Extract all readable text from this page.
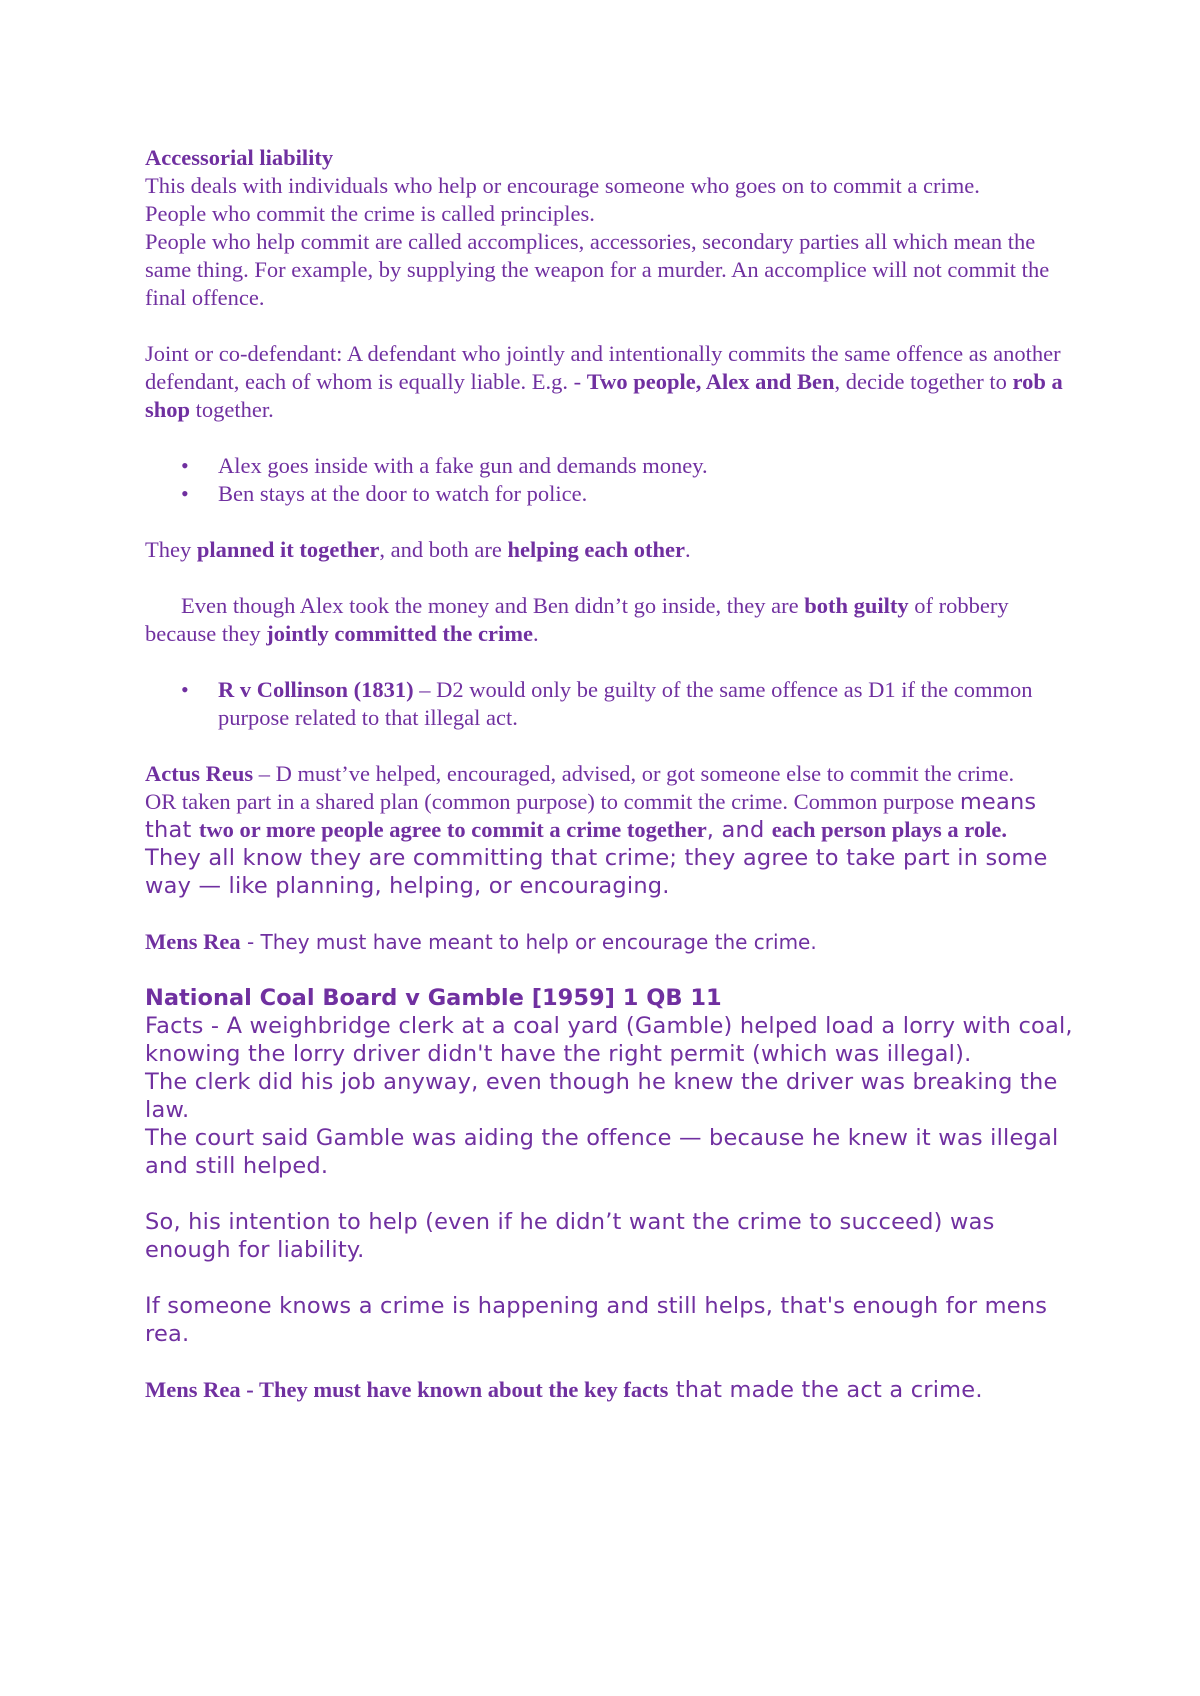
Accessorial liability

This deals with individuals who help or encourage someone who goes on to commit a crime.

People who commit the crime is called principles.

People who help commit are called accomplices, accessories, secondary parties all which mean the same thing. For example, by supplying the weapon for a murder. An accomplice will not commit the final offence.

Joint or co-defendant: A defendant who jointly and intentionally commits the same offence as another defendant, each of whom is equally liable. E.g. - Two people, Alex and Ben, decide together to rob a shop together.

• Alex goes inside with a fake gun and demands money.
• Ben stays at the door to watch for police.

They planned it together, and both are helping each other.

Even though Alex took the money and Ben didn’t go inside, they are both guilty of robbery because they jointly committed the crime.

• R v Collinson (1831) – D2 would only be guilty of the same offence as D1 if the common purpose related to that illegal act.

Actus Reus – D must’ve helped, encouraged, advised, or got someone else to commit the crime.

OR taken part in a shared plan (common purpose) to commit the crime. Common purpose means that two or more people agree to commit a crime together, and each person plays a role.

They all know they are committing that crime; they agree to take part in some way — like planning, helping, or encouraging.

Mens Rea - They must have meant to help or encourage the crime.

National Coal Board v Gamble [1959] 1 QB 11

Facts - A weighbridge clerk at a coal yard (Gamble) helped load a lorry with coal, knowing the lorry driver didn't have the right permit (which was illegal).

The clerk did his job anyway, even though he knew the driver was breaking the law.

The court said Gamble was aiding the offence — because he knew it was illegal and still helped.

So, his intention to help (even if he didn’t want the crime to succeed) was enough for liability.

If someone knows a crime is happening and still helps, that's enough for mens rea.

Mens Rea - They must have known about the key facts that made the act a crime.
